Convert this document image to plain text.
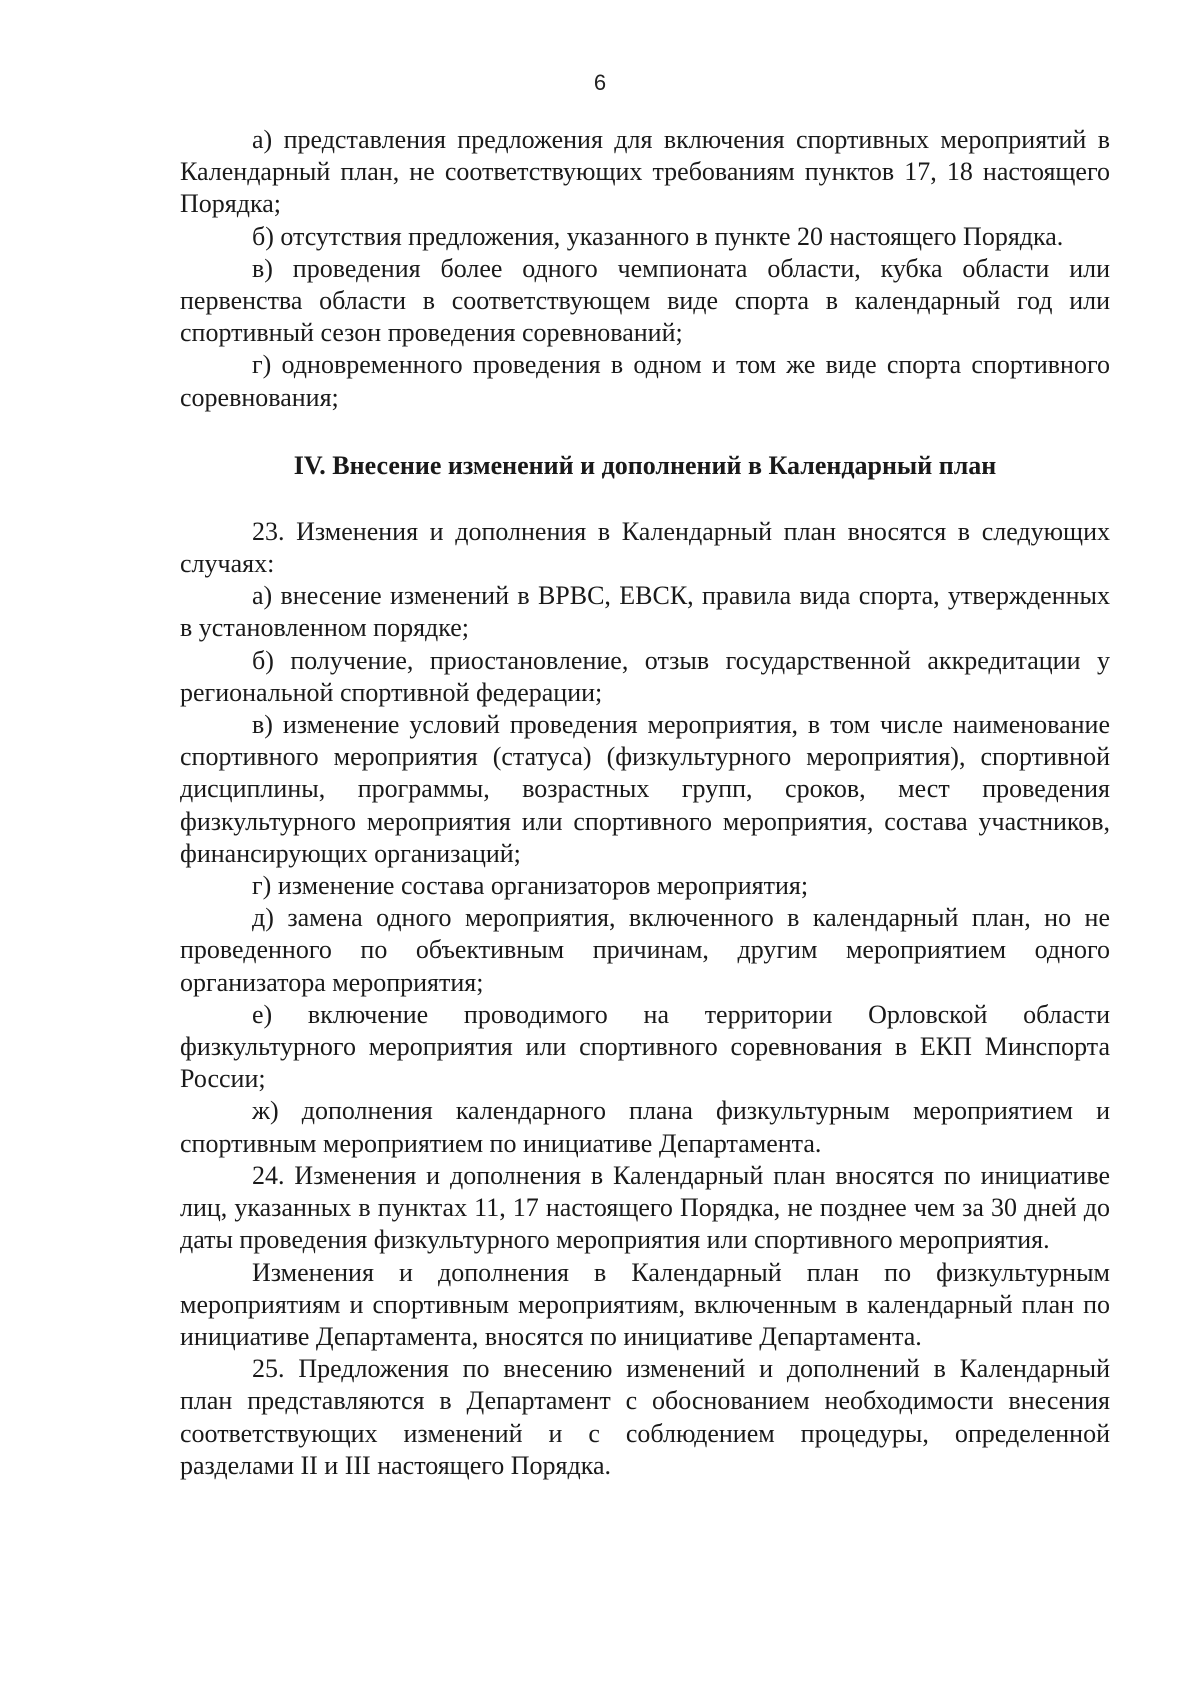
6

а) представления предложения для включения спортивных мероприятий в Календарный план, не соответствующих требованиям пунктов 17, 18 настоящего Порядка;

б) отсутствия предложения, указанного в пункте 20 настоящего Порядка.

в) проведения более одного чемпионата области, кубка области или первенства области в соответствующем виде спорта в календарный год или спортивный сезон проведения соревнований;

г) одновременного проведения в одном и том же виде спорта спортивного соревнования;

IV. Внесение изменений и дополнений в Календарный план

23. Изменения и дополнения в Календарный план вносятся в следующих случаях:

а) внесение изменений в ВРВС, ЕВСК, правила вида спорта, утвержденных в установленном порядке;

б) получение, приостановление, отзыв государственной аккредитации у региональной спортивной федерации;

в) изменение условий проведения мероприятия, в том числе наименование спортивного мероприятия (статуса) (физкультурного мероприятия), спортивной дисциплины, программы, возрастных групп, сроков, мест проведения физкультурного мероприятия или спортивного мероприятия, состава участников, финансирующих организаций;

г) изменение состава организаторов мероприятия;

д) замена одного мероприятия, включенного в календарный план, но не проведенного по объективным причинам, другим мероприятием одного организатора мероприятия;

е) включение проводимого на территории Орловской области физкультурного мероприятия или спортивного соревнования в ЕКП Минспорта России;

ж) дополнения календарного плана физкультурным мероприятием и спортивным мероприятием по инициативе Департамента.

24. Изменения и дополнения в Календарный план вносятся по инициативе лиц, указанных в пунктах 11, 17 настоящего Порядка, не позднее чем за 30 дней до даты проведения физкультурного мероприятия или спортивного мероприятия.

Изменения и дополнения в Календарный план по физкультурным мероприятиям и спортивным мероприятиям, включенным в календарный план по инициативе Департамента, вносятся по инициативе Департамента.

25. Предложения по внесению изменений и дополнений в Календарный план представляются в Департамент с обоснованием необходимости внесения соответствующих изменений и с соблюдением процедуры, определенной разделами II и III настоящего Порядка.
